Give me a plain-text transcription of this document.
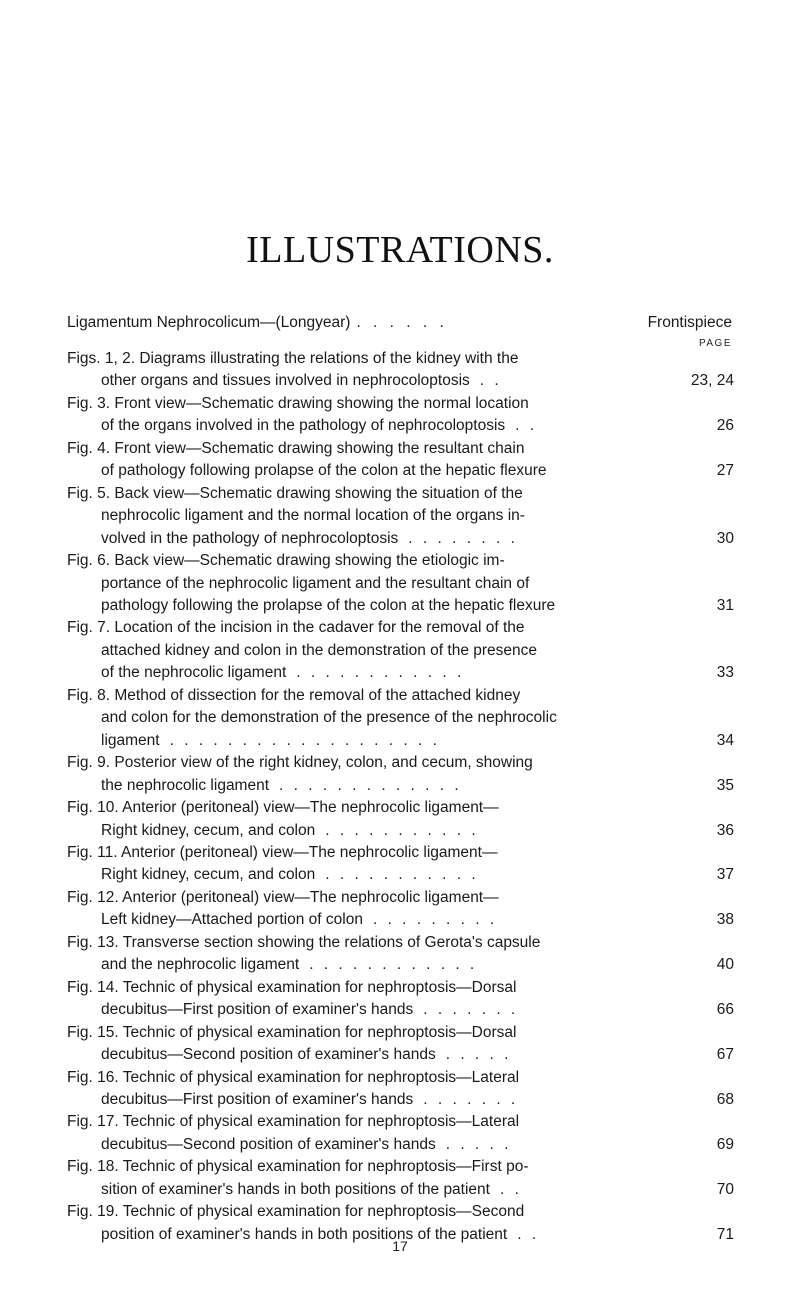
ILLUSTRATIONS.
Ligamentum Nephrocolicum—(Longyear) . . . . . .	Frontispiece
PAGE
Figs. 1, 2. Diagrams illustrating the relations of the kidney with the
other organs and tissues involved in nephrocoloptosis . .	23, 24
Fig. 3. Front view—Schematic drawing showing the normal location
of the organs involved in the pathology of nephrocoloptosis . .	26
Fig. 4. Front view—Schematic drawing showing the resultant chain
of pathology following prolapse of the colon at the hepatic flexure	27
Fig. 5. Back view—Schematic drawing showing the situation of the
nephrocolic ligament and the normal location of the organs in-
volved in the pathology of nephrocoloptosis . . . . . . . .	30
Fig. 6. Back view—Schematic drawing showing the etiologic im-
portance of the nephrocolic ligament and the resultant chain of
pathology following the prolapse of the colon at the hepatic flexure	31
Fig. 7. Location of the incision in the cadaver for the removal of the
attached kidney and colon in the demonstration of the presence
of the nephrocolic ligament . . . . . . . . . . . .	33
Fig. 8. Method of dissection for the removal of the attached kidney
and colon for the demonstration of the presence of the nephrocolic
ligament . . . . . . . . . . . . . . . . . . .	34
Fig. 9. Posterior view of the right kidney, colon, and cecum, showing
the nephrocolic ligament . . . . . . . . . . . . .	35
Fig. 10. Anterior (peritoneal) view—The nephrocolic ligament—
Right kidney, cecum, and colon . . . . . . . . . . .	36
Fig. 11. Anterior (peritoneal) view—The nephrocolic ligament—
Right kidney, cecum, and colon . . . . . . . . . . .	37
Fig. 12. Anterior (peritoneal) view—The nephrocolic ligament—
Left kidney—Attached portion of colon . . . . . . . . .	38
Fig. 13. Transverse section showing the relations of Gerota's capsule
and the nephrocolic ligament . . . . . . . . . . . .	40
Fig. 14. Technic of physical examination for nephroptosis—Dorsal
decubitus—First position of examiner's hands . . . . . . .	66
Fig. 15. Technic of physical examination for nephroptosis—Dorsal
decubitus—Second position of examiner's hands . . . . .	67
Fig. 16. Technic of physical examination for nephroptosis—Lateral
decubitus—First position of examiner's hands . . . . . . .	68
Fig. 17. Technic of physical examination for nephroptosis—Lateral
decubitus—Second position of examiner's hands . . . . .	69
Fig. 18. Technic of physical examination for nephroptosis—First po-
sition of examiner's hands in both positions of the patient . .	70
Fig. 19. Technic of physical examination for nephroptosis—Second
position of examiner's hands in both positions of the patient . .	71
17
